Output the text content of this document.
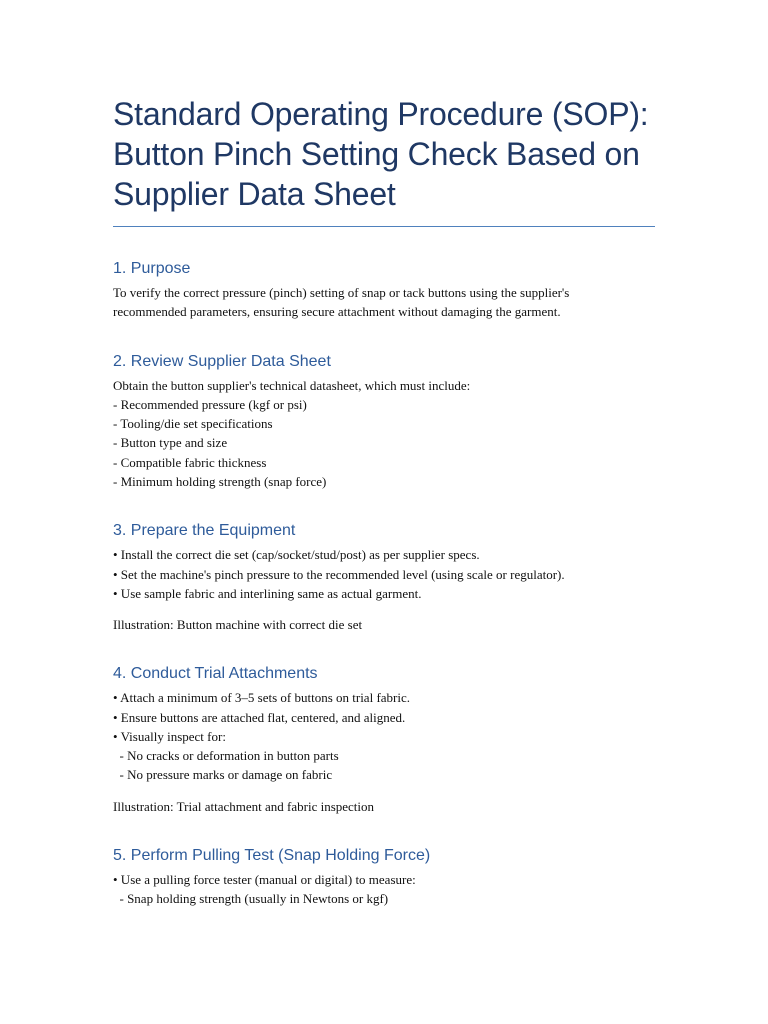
Standard Operating Procedure (SOP):
Button Pinch Setting Check Based on
Supplier Data Sheet
1. Purpose

To verify the correct pressure (pinch) setting of snap or tack buttons using the supplier's
recommended parameters, ensuring secure attachment without damaging the garment.

2. Review Supplier Data Sheet

Obtain the button supplier's technical datasheet, which must include:
- Recommended pressure (kgf or psi)
- Tooling/die set specifications
- Button type and size
- Compatible fabric thickness
- Minimum holding strength (snap force)

3. Prepare the Equipment

• Install the correct die set (cap/socket/stud/post) as per supplier specs.
• Set the machine's pinch pressure to the recommended level (using scale or regulator).
• Use sample fabric and interlining same as actual garment.

Illustration: Button machine with correct die set

4. Conduct Trial Attachments

• Attach a minimum of 3–5 sets of buttons on trial fabric.
• Ensure buttons are attached flat, centered, and aligned.
• Visually inspect for:
- No cracks or deformation in button parts
- No pressure marks or damage on fabric

Illustration: Trial attachment and fabric inspection

5. Perform Pulling Test (Snap Holding Force)

• Use a pulling force tester (manual or digital) to measure:
- Snap holding strength (usually in Newtons or kgf)
